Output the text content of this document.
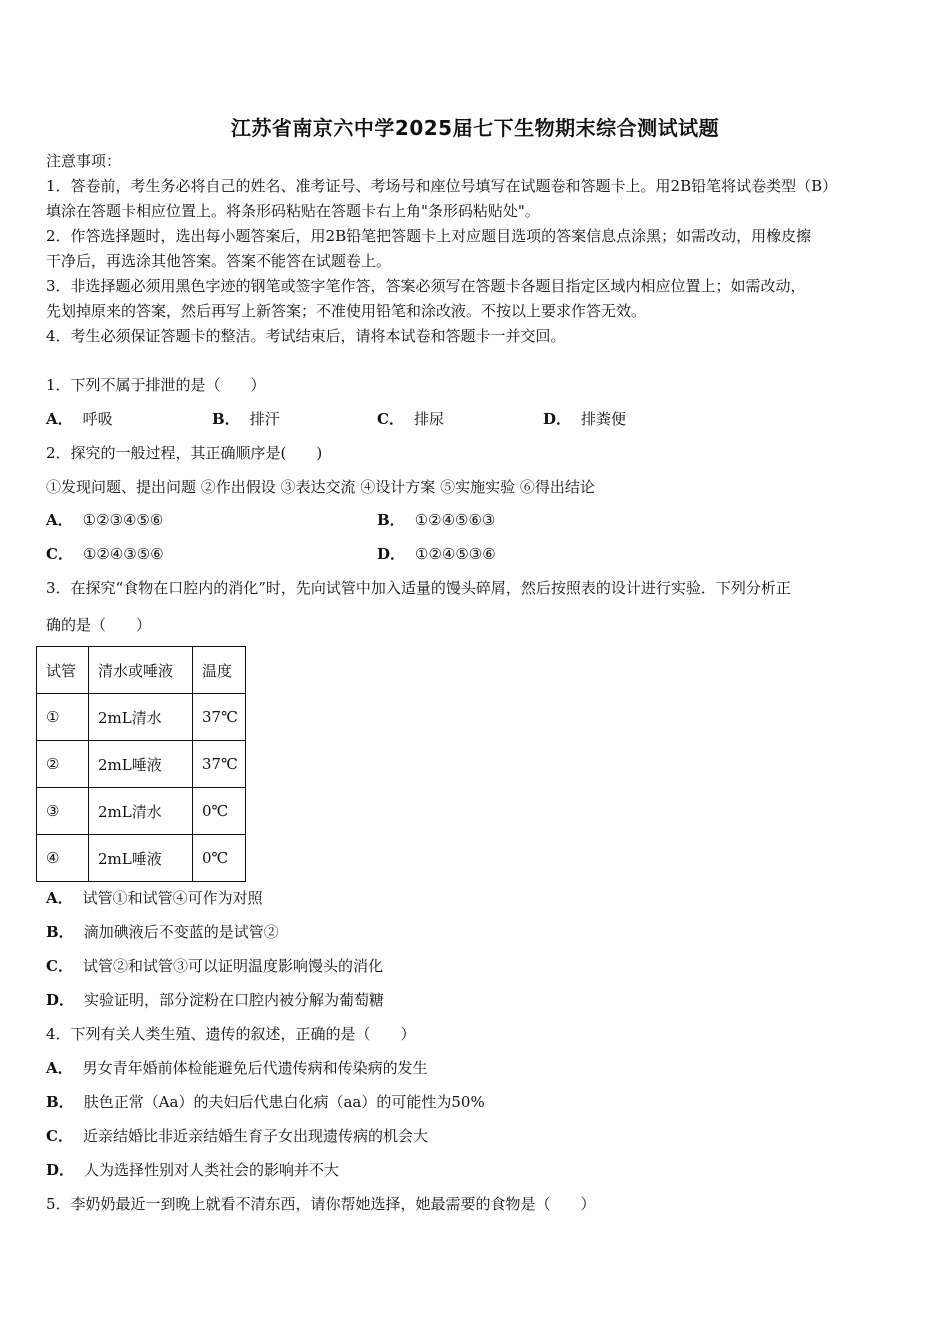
江苏省南京六中学2025届七下生物期末综合测试试题
注意事项：
1．答卷前，考生务必将自己的姓名、准考证号、考场号和座位号填写在试题卷和答题卡上。用2B铅笔将试卷类型（B）
填涂在答题卡相应位置上。将条形码粘贴在答题卡右上角"条形码粘贴处"。
2．作答选择题时，选出每小题答案后，用2B铅笔把答题卡上对应题目选项的答案信息点涂黑；如需改动，用橡皮擦
干净后，再选涂其他答案。答案不能答在试题卷上。
3．非选择题必须用黑色字迹的钢笔或签字笔作答，答案必须写在答题卡各题目指定区域内相应位置上；如需改动，
先划掉原来的答案，然后再写上新答案；不准使用铅笔和涂改液。不按以上要求作答无效。
4．考生必须保证答题卡的整洁。考试结束后，请将本试卷和答题卡一并交回。
1．下列不属于排泄的是（　　）
A． 呼吸	B． 排汗	C． 排尿	D． 排粪便
2．探究的一般过程，其正确顺序是(　　)
①发现问题、提出问题 ②作出假设 ③表达交流 ④设计方案 ⑤实施实验 ⑥得出结论
A． ①②③④⑤⑥	B． ①②④⑤⑥③
C． ①②④③⑤⑥	D． ①②④⑤③⑥
3．在探究“食物在口腔内的消化”时，先向试管中加入适量的馒头碎屑，然后按照表的设计进行实验．下列分析正
确的是（　　）
试管	清水或唾液	温度
①	2mL清水	37℃
②	2mL唾液	37℃
③	2mL清水	0℃
④	2mL唾液	0℃
A． 试管①和试管④可作为对照
B． 滴加碘液后不变蓝的是试管②
C． 试管②和试管③可以证明温度影响馒头的消化
D． 实验证明，部分淀粉在口腔内被分解为葡萄糖
4．下列有关人类生殖、遗传的叙述，正确的是（　　）
A． 男女青年婚前体检能避免后代遗传病和传染病的发生
B． 肤色正常（Aa）的夫妇后代患白化病（aa）的可能性为50%
C． 近亲结婚比非近亲结婚生育子女出现遗传病的机会大
D． 人为选择性别对人类社会的影响并不大
5．李奶奶最近一到晚上就看不清东西，请你帮她选择，她最需要的食物是（　　）
